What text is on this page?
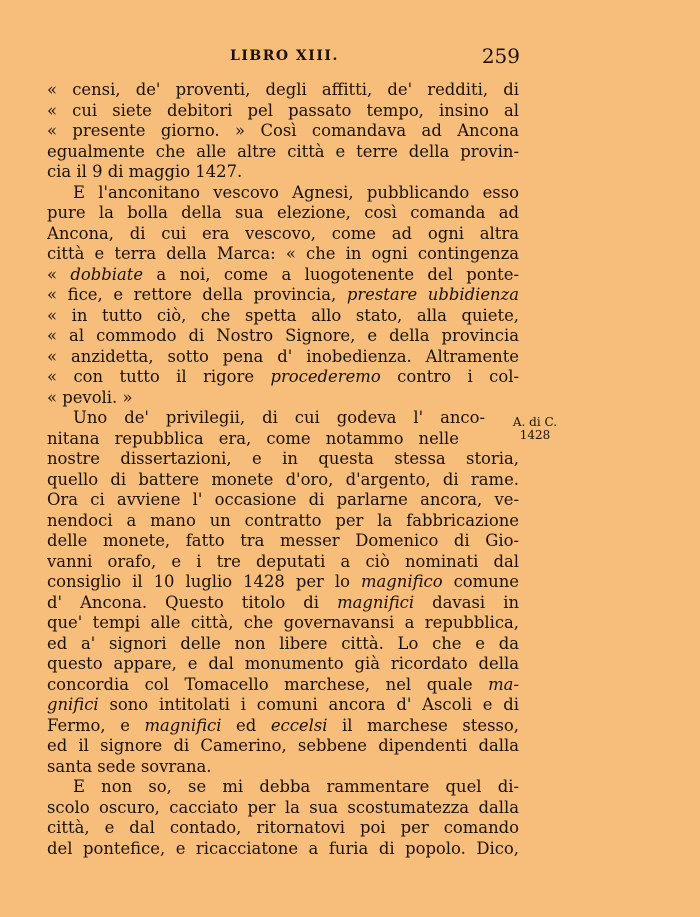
LIBRO XIII.	259
A. di C.
1428
« censi, de' proventi, degli affitti, de' redditi, di
« cui siete debitori pel passato tempo, insino al
« presente giorno. » Così comandava ad Ancona
egualmente che alle altre città e terre della provin-
cia il 9 di maggio 1427.
E l'anconitano vescovo Agnesi, pubblicando esso
pure la bolla della sua elezione, così comanda ad
Ancona, di cui era vescovo, come ad ogni altra
città e terra della Marca: « che in ogni contingenza
« dobbiate a noi, come a luogotenente del ponte-
« fice, e rettore della provincia, prestare ubbidienza
« in tutto ciò, che spetta allo stato, alla quiete,
« al commodo di Nostro Signore, e della provincia
« anzidetta, sotto pena d' inobedienza. Altramente
« con tutto il rigore procederemo contro i col-
« pevoli. »
Uno de' privilegii, di cui godeva l' anco-
nitana repubblica era, come notammo nelle
nostre dissertazioni, e in questa stessa storia,
quello di battere monete d'oro, d'argento, di rame.
Ora ci avviene l' occasione di parlarne ancora, ve-
nendoci a mano un contratto per la fabbricazione
delle monete, fatto tra messer Domenico di Gio-
vanni orafo, e i tre deputati a ciò nominati dal
consiglio il 10 luglio 1428 per lo magnifico comune
d' Ancona. Questo titolo di magnifici davasi in
que' tempi alle città, che governavansi a repubblica,
ed a' signori delle non libere città. Lo che e da
questo appare, e dal monumento già ricordato della
concordia col Tomacello marchese, nel quale ma-
gnifici sono intitolati i comuni ancora d' Ascoli e di
Fermo, e magnifici ed eccelsi il marchese stesso,
ed il signore di Camerino, sebbene dipendenti dalla
santa sede sovrana.
E non so, se mi debba rammentare quel di-
scolo oscuro, cacciato per la sua scostumatezza dalla
città, e dal contado, ritornatovi poi per comando
del pontefice, e ricacciatone a furia di popolo. Dico,
